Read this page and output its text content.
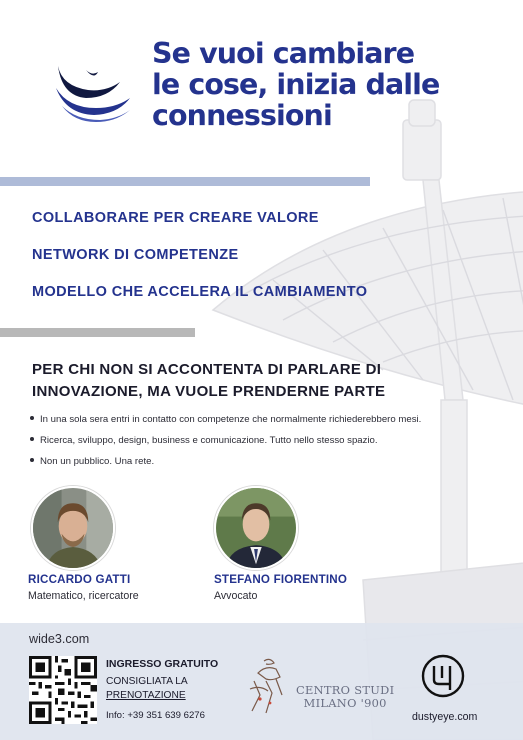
Se vuoi cambiare
le cose, inizia dalle
connessioni
COLLABORARE PER CREARE VALORE
NETWORK DI COMPETENZE
MODELLO CHE ACCELERA IL CAMBIAMENTO
PER CHI NON SI ACCONTENTA DI PARLARE DI
INNOVAZIONE, MA VUOLE PRENDERNE PARTE
In una sola sera entri in contatto con competenze che normalmente richiederebbero mesi.
Ricerca, sviluppo, design, business e comunicazione. Tutto nello stesso spazio.
Non un pubblico. Una rete.
RICCARDO GATTI
Matematico, ricercatore
STEFANO FIORENTINO
Avvocato
wide3.com
INGRESSO GRATUITO
CONSIGLIATA LA
PRENOTAZIONE
Info: +39 351 639 6276
CENTRO STUDI
MILANO '900
dustyeye.com
